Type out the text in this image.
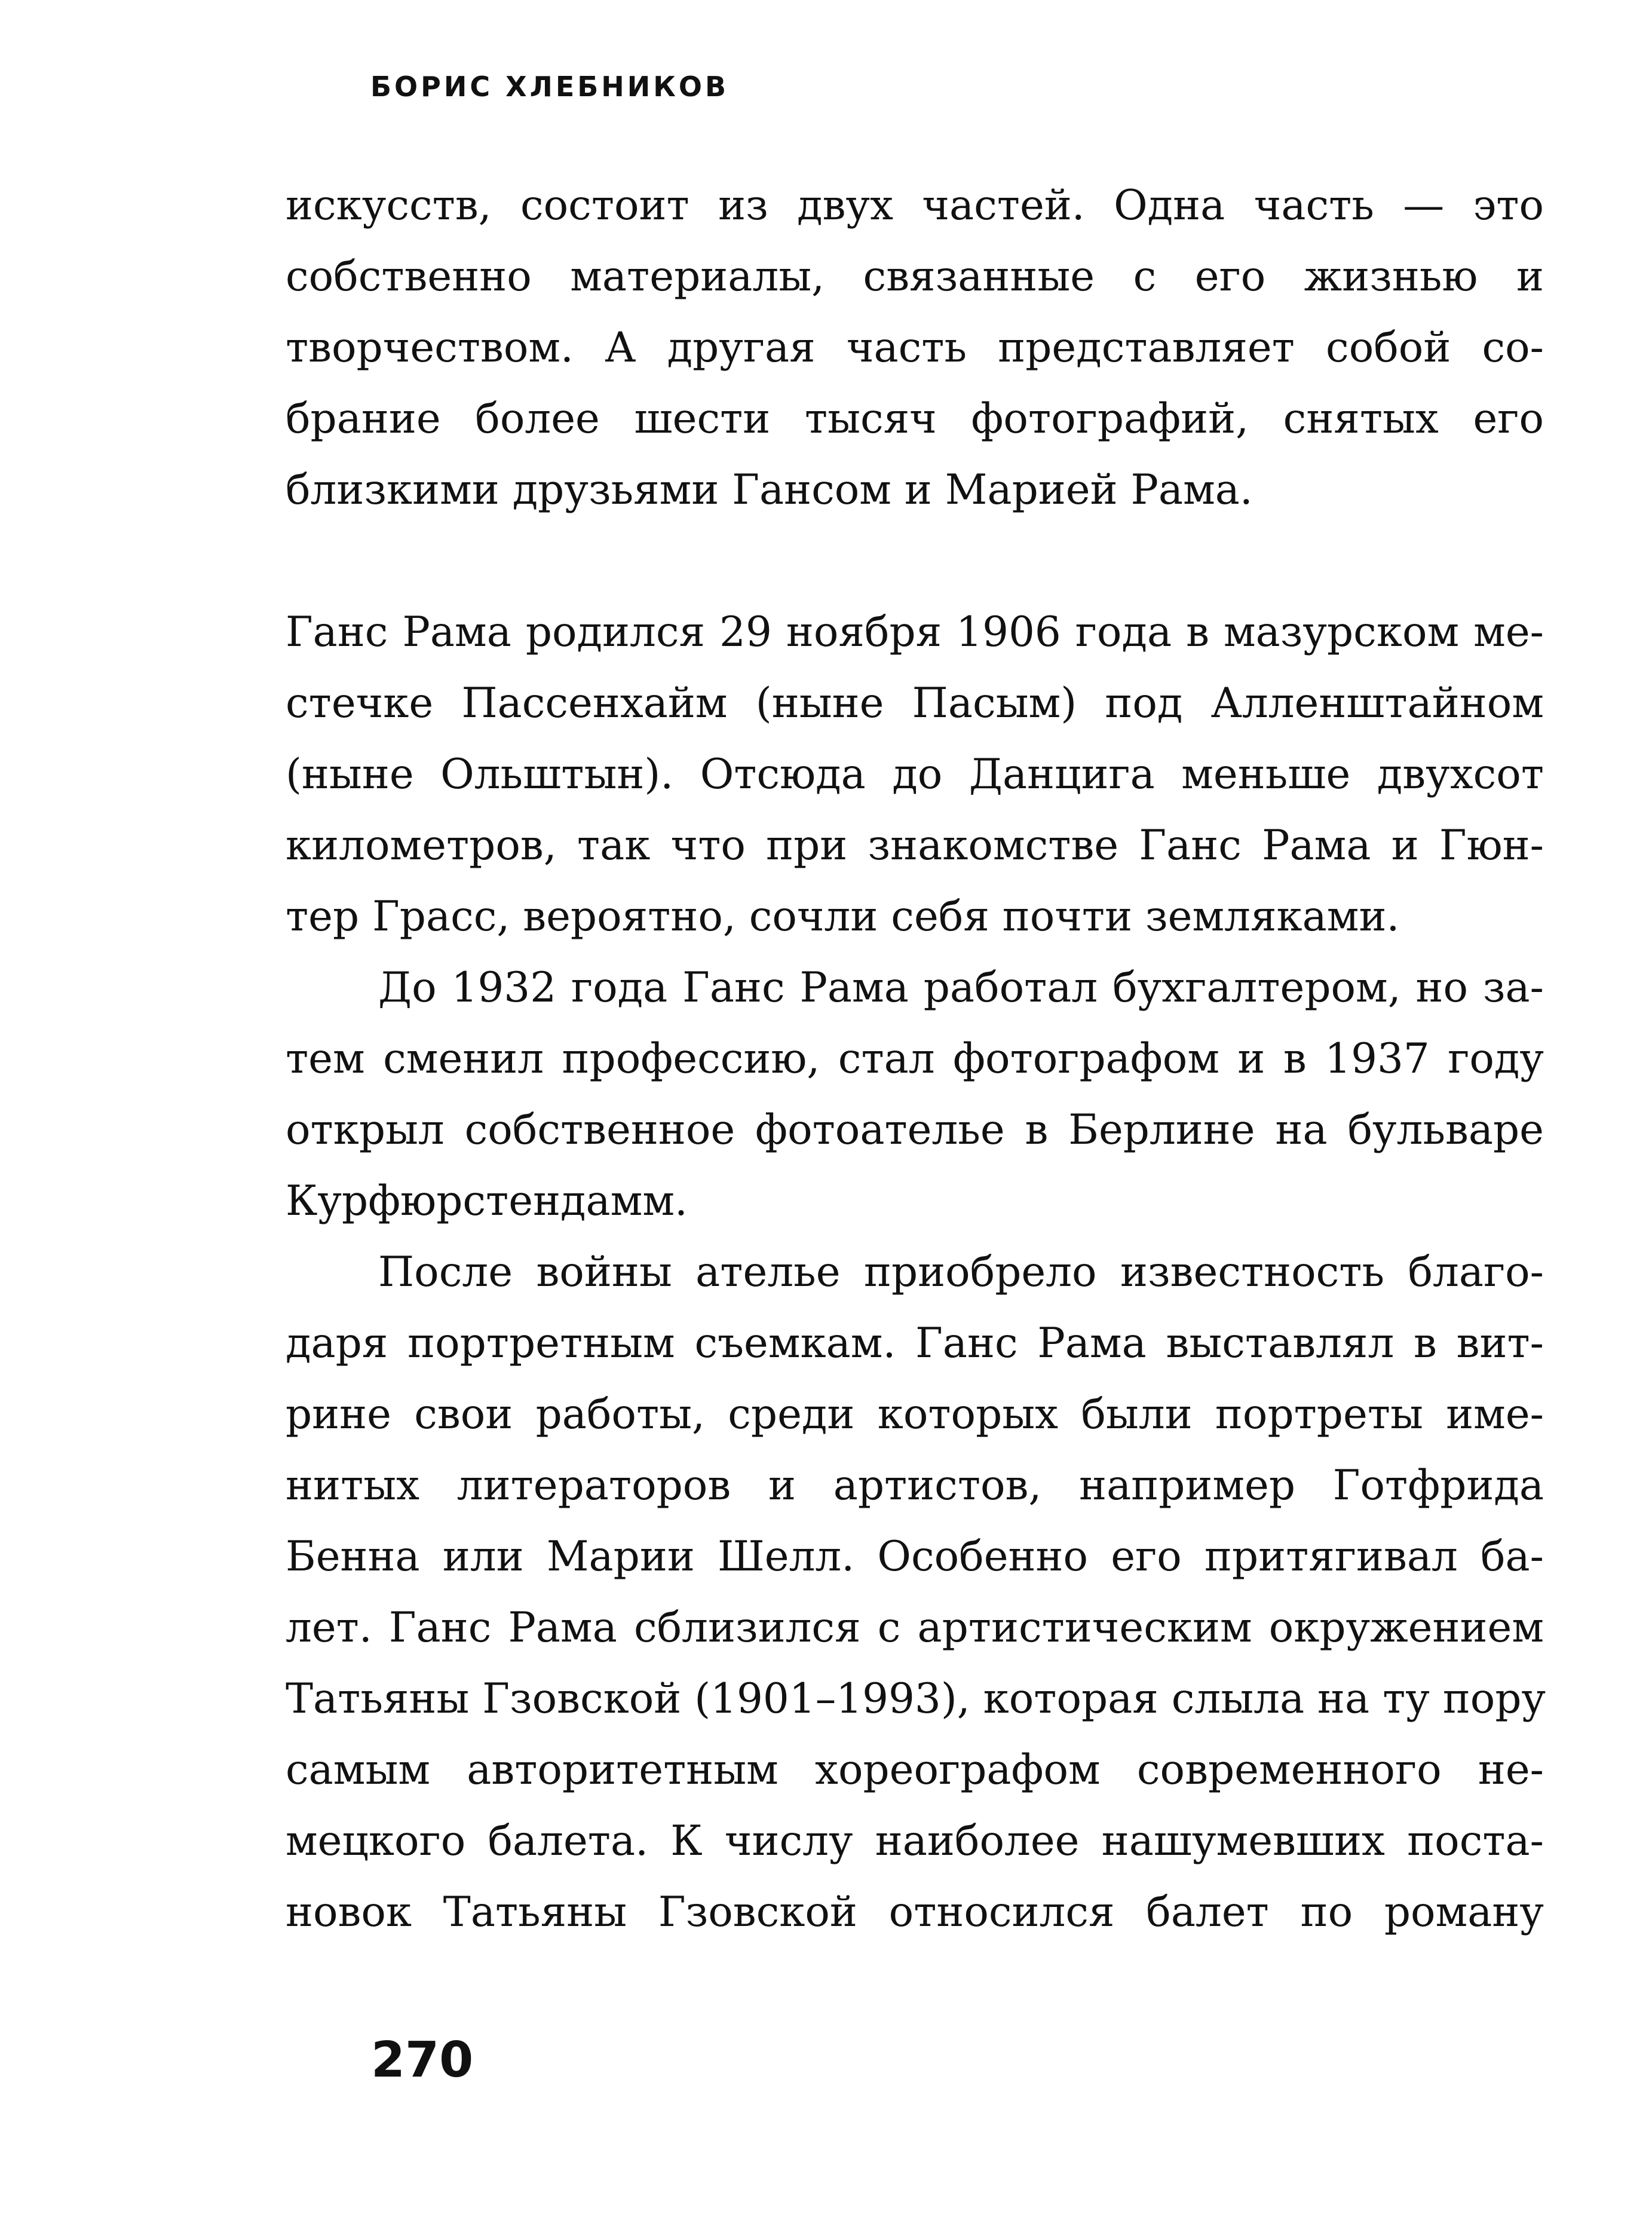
БОРИС ХЛЕБНИКОВ
искусств, состоит из двух частей. Одна часть — это
собственно материалы, связанные с его жизнью и
творчеством. А другая часть представляет собой со-
брание более шести тысяч фотографий, снятых его
близкими друзьями Гансом и Марией Рама.
Ганс Рама родился 29 ноября 1906 года в мазурском ме-
стечке Пассенхайм (ныне Пасым) под Алленштайном
(ныне Ольштын). Отсюда до Данцига меньше двухсот
километров, так что при знакомстве Ганс Рама и Гюн-
тер Грасс, вероятно, сочли себя почти земляками.
До 1932 года Ганс Рама работал бухгалтером, но за-
тем сменил профессию, стал фотографом и в 1937 году
открыл собственное фотоателье в Берлине на бульваре
Курфюрстендамм.
После войны ателье приобрело известность благо-
даря портретным съемкам. Ганс Рама выставлял в вит-
рине свои работы, среди которых были портреты име-
нитых литераторов и артистов, например Готфрида
Бенна или Марии Шелл. Особенно его притягивал ба-
лет. Ганс Рама сблизился с артистическим окружением
Татьяны Гзовской (1901–1993), которая слыла на ту пору
самым авторитетным хореографом современного не-
мецкого балета. К числу наиболее нашумевших поста-
новок Татьяны Гзовской относился балет по роману
270
